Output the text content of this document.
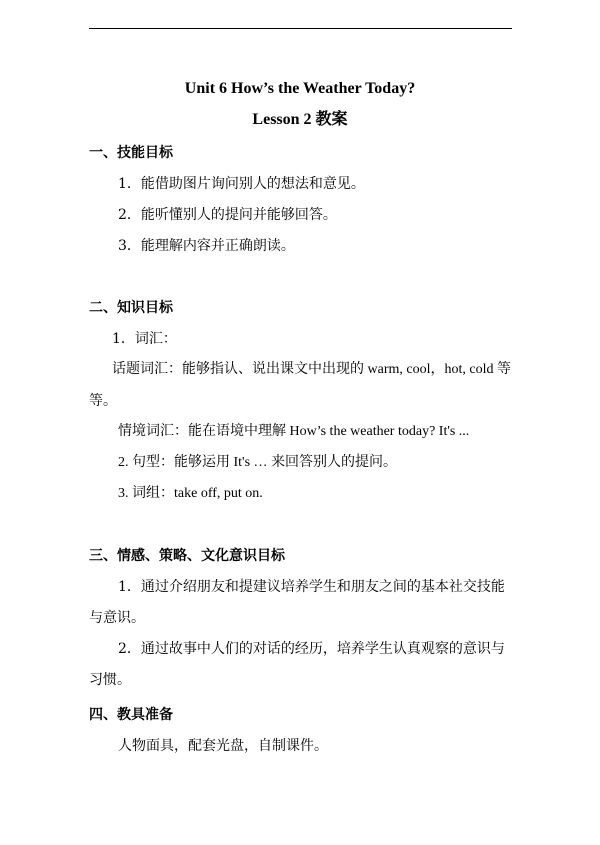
Unit 6 How’s the Weather Today?
Lesson 2 教案
一、技能目标
1．能借助图片询问别人的想法和意见。
2．能听懂别人的提问并能够回答。
3．能理解内容并正确朗读。
二、知识目标
1．词汇：
话题词汇：能够指认、说出课文中出现的 warm, cool，hot, cold 等
等。
情境词汇：能在语境中理解 How’s the weather today? It's ...
2. 句型：能够运用 It's … 来回答别人的提问。
3. 词组：take off, put on.
三、情感、策略、文化意识目标
1．通过介绍朋友和提建议培养学生和朋友之间的基本社交技能
与意识。
2．通过故事中人们的对话的经历，培养学生认真观察的意识与
习惯。
四、教具准备
人物面具，配套光盘，自制课件。
